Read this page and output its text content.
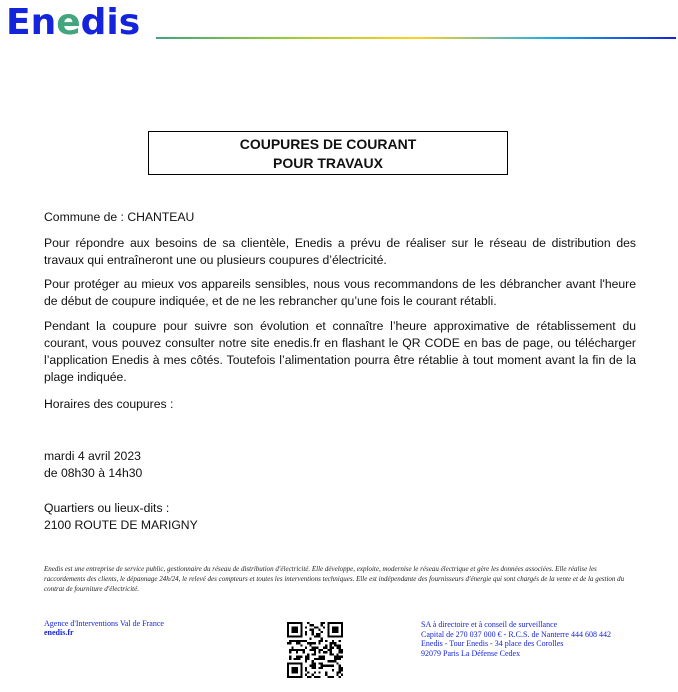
Enedis
COUPURES DE COURANT
POUR TRAVAUX
Commune de : CHANTEAU
Pour répondre aux besoins de sa clientèle, Enedis a prévu de réaliser sur le réseau de distribution des travaux qui entraîneront une ou plusieurs coupures d’électricité.
Pour protéger au mieux vos appareils sensibles, nous vous recommandons de les débrancher avant l'heure de début de coupure indiquée, et de ne les rebrancher qu’une fois le courant rétabli.
Pendant la coupure pour suivre son évolution et connaître l’heure approximative de rétablissement du courant, vous pouvez consulter notre site enedis.fr en flashant le QR CODE en bas de page, ou télécharger l’application Enedis à mes côtés. Toutefois l’alimentation pourra être rétablie à tout moment avant la fin de la plage indiquée.
Horaires des coupures :
mardi 4 avril 2023
de 08h30 à 14h30
Quartiers ou lieux-dits :
2100 ROUTE DE MARIGNY
Enedis est une entreprise de service public, gestionnaire du réseau de distribution d'électricité. Elle développe, exploite, modernise le réseau électrique et gère les données associées. Elle réalise les raccordements des clients, le dépannage 24h/24, le relevé des compteurs et toutes les interventions techniques. Elle est indépendante des fournisseurs d'énergie qui sont chargés de la vente et de la gestion du contrat de fourniture d'électricité.
Agence d'Interventions Val de France
enedis.fr
SA à directoire et à conseil de surveillance
Capital de 270 037 000 € - R.C.S. de Nanterre 444 608 442
Enedis - Tour Enedis - 34 place des Corolles
92079 Paris La Défense Cedex
